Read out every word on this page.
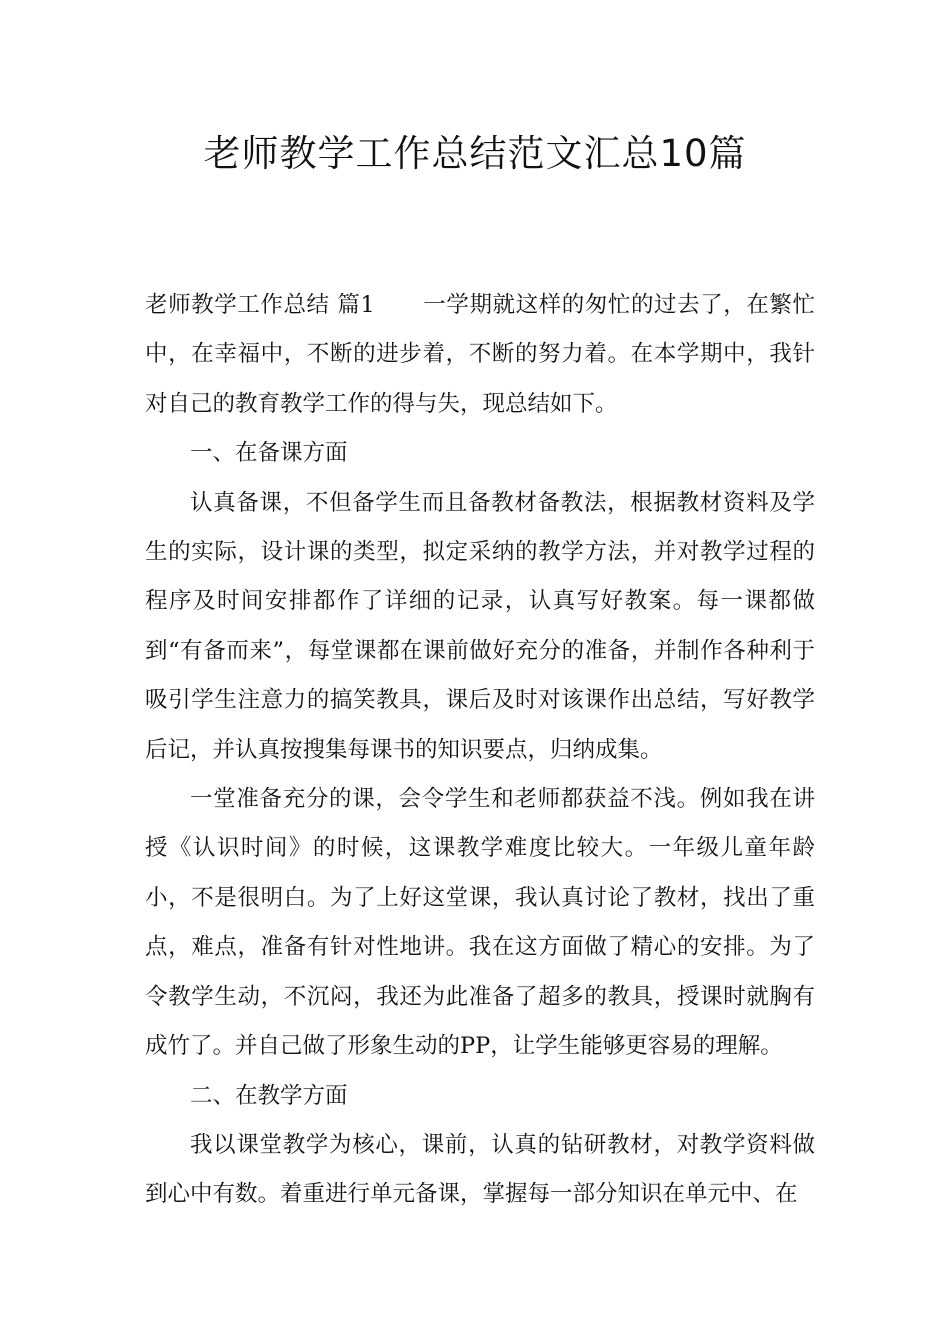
老师教学工作总结范文汇总10篇

老师教学工作总结 篇1 一学期就这样的匆忙的过去了，在繁忙中，在幸福中，不断的进步着，不断的努力着。在本学期中，我针对自己的教育教学工作的得与失，现总结如下。

一、在备课方面

认真备课，不但备学生而且备教材备教法，根据教材资料及学生的实际，设计课的类型，拟定采纳的教学方法，并对教学过程的程序及时间安排都作了详细的记录，认真写好教案。每一课都做到“有备而来”，每堂课都在课前做好充分的准备，并制作各种利于吸引学生注意力的搞笑教具，课后及时对该课作出总结，写好教学后记，并认真按搜集每课书的知识要点，归纳成集。

一堂准备充分的课，会令学生和老师都获益不浅。例如我在讲授《认识时间》的时候，这课教学难度比较大。一年级儿童年龄小，不是很明白。为了上好这堂课，我认真讨论了教材，找出了重点，难点，准备有针对性地讲。我在这方面做了精心的安排。为了令教学生动，不沉闷，我还为此准备了超多的教具，授课时就胸有成竹了。并自己做了形象生动的PP，让学生能够更容易的理解。

二、在教学方面

我以课堂教学为核心，课前，认真的钻研教材，对教学资料做到心中有数。着重进行单元备课，掌握每一部分知识在单元中、在
